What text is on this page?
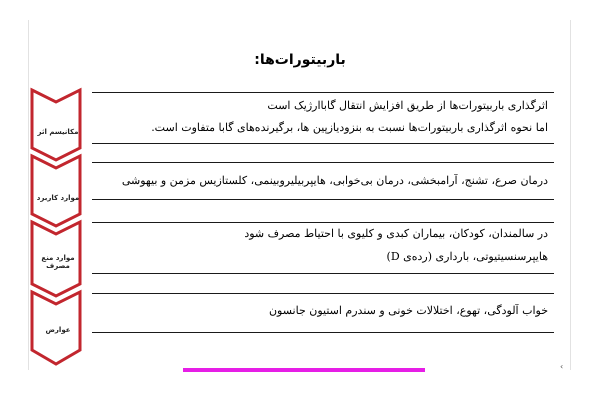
باربیتورات‌ها:
مکانیسم اثر
موارد کاربرد
موارد منع مصرف
عوارض
اثرگذاری باربیتورات‌ها از طریق افزایش انتقال گاباارژیک است
اما نحوه اثرگذاری باربیتورات‌ها نسبت به بنزودیازپین ها، برگیرنده‌های گابا متفاوت است.
درمان صرع، تشنج، آرامبخشی، درمان بی‌خوابی، هایپربیلیروبینمی، کلستازیس مزمن و بیهوشی
در سالمندان، کودکان، بیماران کبدی و کلیوی با احتیاط مصرف شود
هایپرسنسیتیوتی، بارداری (رده‌ی D)
خواب آلودگی، تهوع، اختلالات خونی و سندرم استیون جانسون
‹
